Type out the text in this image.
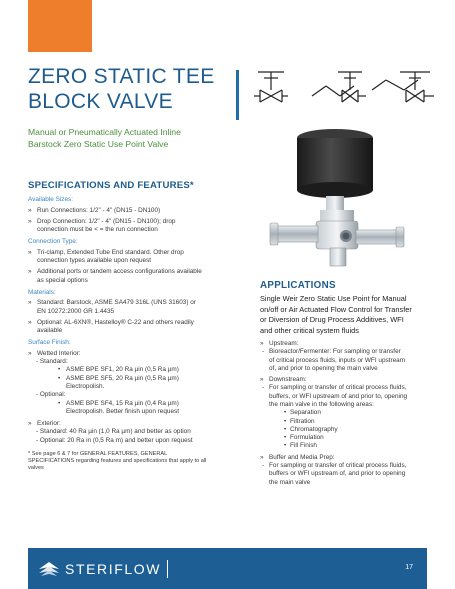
ZERO STATIC TEE
BLOCK VALVE
Manual or Pneumatically Actuated Inline
Barstock Zero Static Use Point Valve
SPECIFICATIONS AND FEATURES*
Available Sizes:
» Run Connections: 1/2" - 4" (DN15 - DN100)
» Drop Connection: 1/2" - 4" (DN15 - DN100); drop
connection must be < = the run connection
Connection Type:
» Tri-clamp, Extended Tube End standard. Other drop
connection types available upon request
» Additional ports or tandem access configurations available
as special options
Materials:
» Standard: Barstock, ASME SA479 316L (UNS 31603) or
EN 10272:2000 GR 1.4435
» Optional: AL-6XN®, Hastelloy® C-22 and others readily
available
Surface Finish:
» Wetted Interior:
- Standard:
• ASME BPE SF1, 20 Ra µin (0,5 Ra µm)
• ASME BPE SF5, 20 Ra µin (0,5 Ra µm)
Electropolish.
- Optional:
• ASME BPE SF4, 15 Ra µin (0,4 Ra µm)
Electropolish. Better finish upon request
» Exterior:
- Standard: 40 Ra µin (1,0 Ra µm) and better as option
- Optional: 20 Ra in (0,5 Ra m) and better upon request
* See page 6 & 7 for GENERAL FEATURES, GENERAL
SPECIFICATIONS regarding features and specifications that apply to all
valves
APPLICATIONS
Single Weir Zero Static Use Point for Manual
on/off or Air Actuated Flow Control for Transfer
or Diversion of Drug Process Additives, WFI
and other critical system fluids
» Upstream:
- Bioreactor/Fermenter: For sampling or transfer
of critical process fluids, inputs or WFI upstream
of, and prior to opening the main valve
» Downstream:
- For sampling or transfer of critical process fluids,
buffers, or WFI upstream of and prior to, opening
the main valve in the following areas:
• Separation
• Filtration
• Chromatography
• Formulation
• Fill Finish
» Buffer and Media Prep:
- For sampling or transfer of critical process fluids,
buffers or WFI upstream of, and prior to opening
the main valve
STERIFLOW	17
